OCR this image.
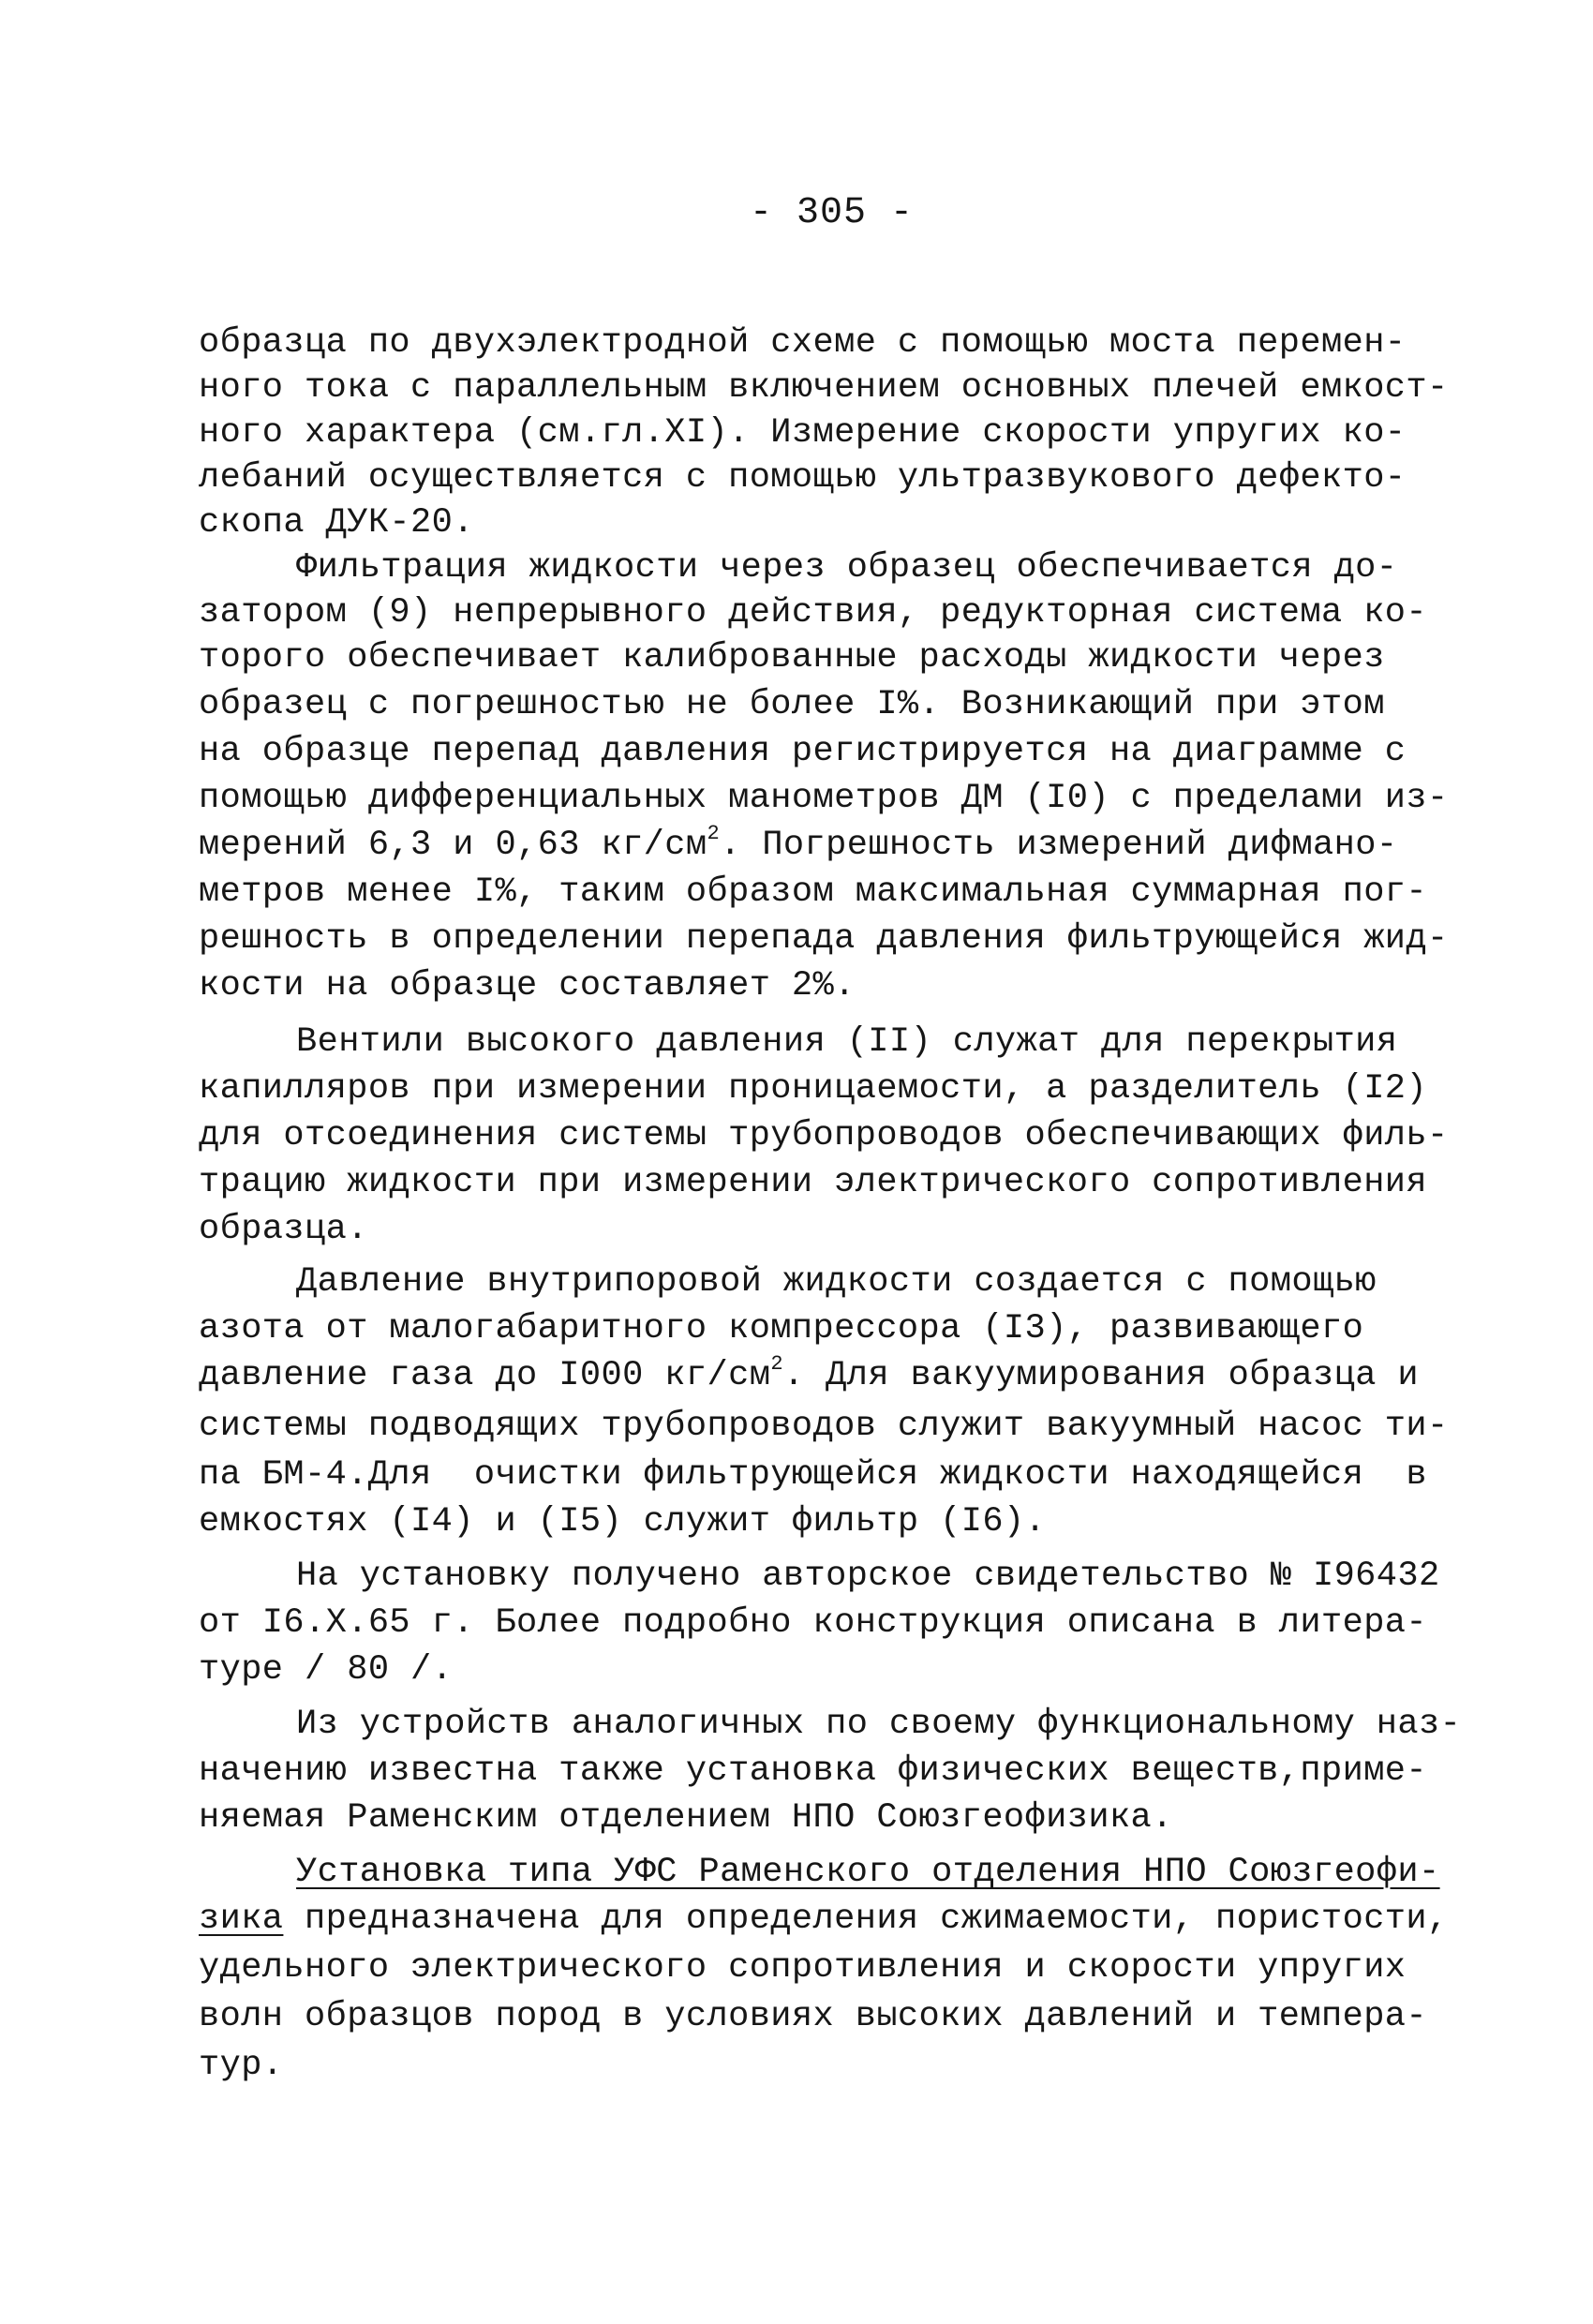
- 305 -
образца по двухэлектродной схеме с помощью моста перемен-
ного тока с параллельным включением основных плечей емкост-
ного характера (см.гл.XI). Измерение скорости упругих ко-
лебаний осуществляется с помощью ультразвукового дефекто-
скопа ДУК-20.
Фильтрация жидкости через образец обеспечивается до-
затором (9) непрерывного действия, редукторная система ко-
торого обеспечивает калиброванные расходы жидкости через
образец с погрешностью не более I%. Возникающий при этом
на образце перепад давления регистрируется на диаграмме с
помощью дифференциальных манометров ДМ (I0) с пределами из-
мерений 6,3 и 0,63 $кг/см^2$. Погрешность измерений дифмано-
метров менее I%, таким образом максимальная суммарная пог-
решность в определении перепада давления фильтрующейся жид-
кости на образце составляет 2%.
Вентили высокого давления (II) служат для перекрытия
капилляров при измерении проницаемости, а разделитель (I2)
для отсоединения системы трубопроводов обеспечивающих филь-
трацию жидкости при измерении электрического сопротивления
образца.
Давление внутрипоровой жидкости создается с помощью
азота от малогабаритного компрессора (I3), развивающего
давление газа до I000 $кг/см^2$. Для вакуумирования образца и
системы подводящих трубопроводов служит вакуумный насос ти-
па БМ-4.Для  очистки фильтрующейся жидкости находящейся  в
емкостях (I4) и (I5) служит фильтр (I6).
На установку получено авторское свидетельство № I96432
от I6.X.65 г. Более подробно конструкция описана в литера-
туре / 80 /.
Из устройств аналогичных по своему функциональному наз-
начению известна также установка физических веществ,приме-
няемая Раменским отделением НПО Союзгеофизика.
Установка типа УФС Раменского отделения НПО Союзгеофи-
зика предназначена для определения сжимаемости, пористости,
удельного электрического сопротивления и скорости упругих
волн образцов пород в условиях высоких давлений и темпера-
тур.
